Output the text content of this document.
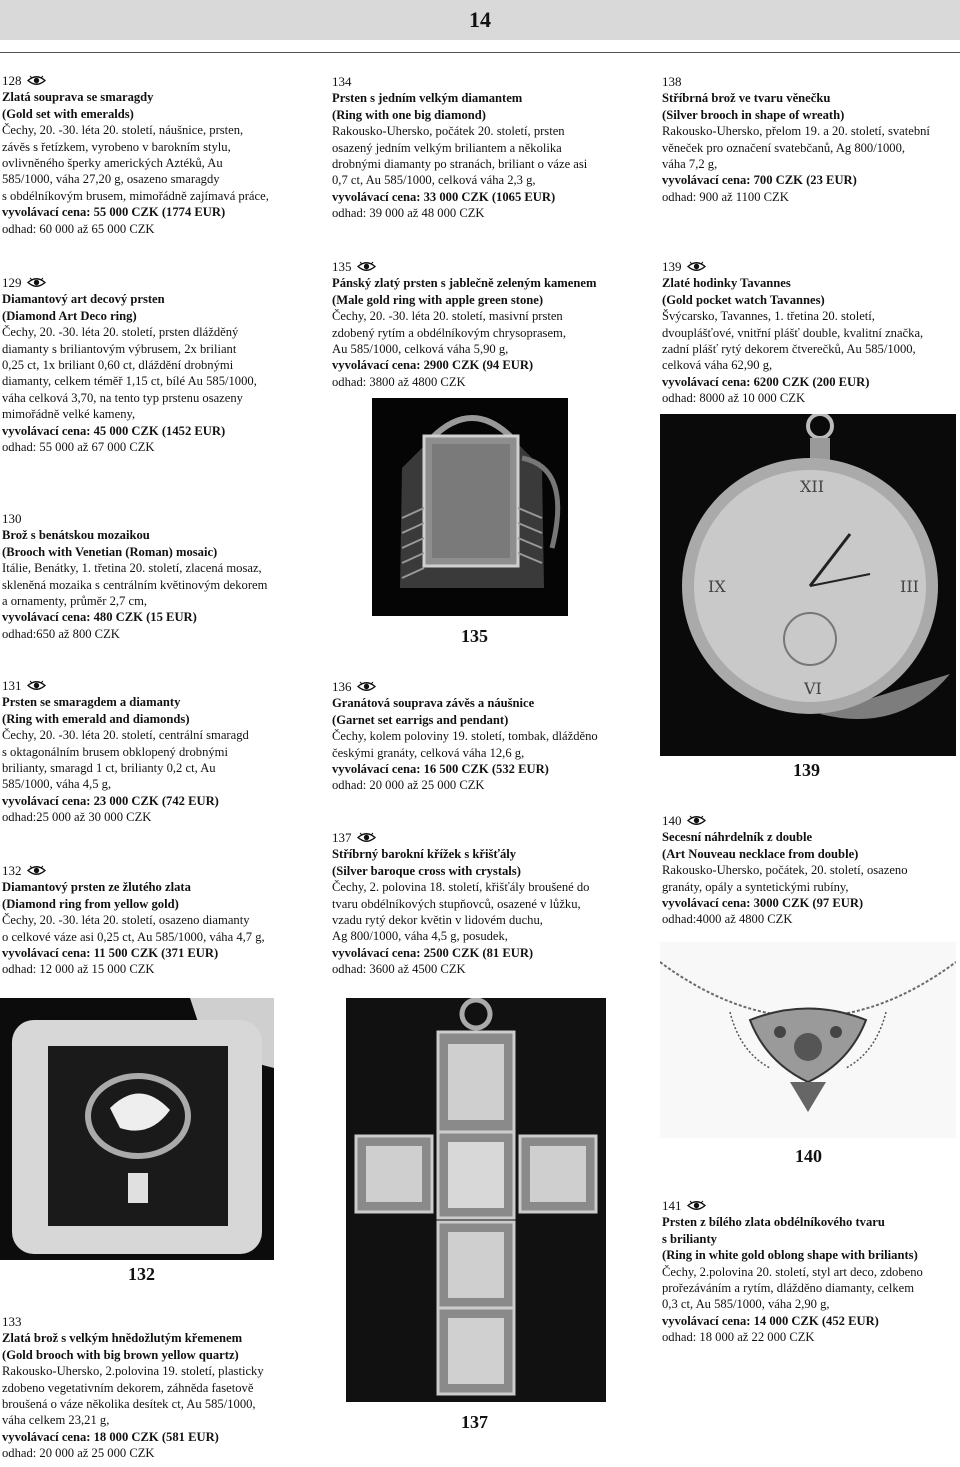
14
128
Zlatá souprava se smaragdy
(Gold set with emeralds)
Čechy, 20. -30. léta 20. století, náušnice, prsten,
závěs s řetízkem, vyrobeno v barokním stylu,
ovlivněného šperky amerických Aztéků, Au
585/1000, váha 27,20 g, osazeno smaragdy
s obdélníkovým brusem, mimořádně zajímavá práce,
vyvolávací cena: 55 000 CZK (1774 EUR)
odhad: 60 000 až 65 000 CZK
129
Diamantový art decový prsten
(Diamond Art Deco ring)
Čechy, 20. -30. léta 20. století, prsten dlážděný
diamanty s briliantovým výbrusem, 2x briliant
0,25 ct, 1x briliant 0,60 ct, dláždění drobnými
diamanty, celkem téměř 1,15 ct, bílé Au 585/1000,
váha celková 3,70, na tento typ prstenu osazeny
mimořádně velké kameny,
vyvolávací cena: 45 000 CZK (1452 EUR)
odhad: 55 000 až 67 000 CZK
130
Brož s benátskou mozaikou
(Brooch with Venetian (Roman) mosaic)
Itálie, Benátky, 1. třetina 20. století, zlacená mosaz,
skleněná mozaika s centrálním květinovým dekorem
a ornamenty, průměr 2,7 cm,
vyvolávací cena: 480 CZK (15 EUR)
odhad:650 až 800 CZK
131
Prsten se smaragdem a diamanty
(Ring with emerald and diamonds)
Čechy, 20. -30. léta 20. století, centrální smaragd
s oktagonálním brusem obklopený drobnými
brilianty, smaragd 1 ct, brilianty 0,2 ct, Au
585/1000, váha 4,5 g,
vyvolávací cena: 23 000 CZK (742 EUR)
odhad:25 000 až 30 000 CZK
132
Diamantový prsten ze žlutého zlata
(Diamond ring from yellow gold)
Čechy, 20. -30. léta 20. století, osazeno diamanty
o celkové váze asi 0,25 ct, Au 585/1000, váha 4,7 g,
vyvolávací cena: 11 500 CZK (371 EUR)
odhad: 12 000 až 15 000 CZK
133
Zlatá brož s velkým hnědožlutým křemenem
(Gold brooch with big brown yellow quartz)
Rakousko-Uhersko, 2.polovina 19. století, plasticky
zdobeno vegetativním dekorem, záhněda fasetově
broušená o váze několika desítek ct, Au 585/1000,
váha celkem 23,21 g,
vyvolávací cena: 18 000 CZK (581 EUR)
odhad: 20 000 až 25 000 CZK
134
Prsten s jedním velkým diamantem
(Ring with one big diamond)
Rakousko-Uhersko, počátek 20. století, prsten
osazený jedním velkým briliantem a několika
drobnými diamanty po stranách, briliant o váze asi
0,7 ct, Au 585/1000, celková váha 2,3 g,
vyvolávací cena: 33 000 CZK (1065 EUR)
odhad: 39 000 až 48 000 CZK
135
Pánský zlatý prsten s jablečně zeleným kamenem
(Male gold ring with apple green stone)
Čechy, 20. -30. léta 20. století, masivní prsten
zdobený rytím a obdélníkovým chrysoprasem,
Au 585/1000, celková váha 5,90 g,
vyvolávací cena: 2900 CZK (94 EUR)
odhad: 3800 až 4800 CZK
136
Granátová souprava závěs a náušnice
(Garnet set earrigs and pendant)
Čechy, kolem poloviny 19. století, tombak, dlážděno
českými granáty, celková váha 12,6 g,
vyvolávací cena: 16 500 CZK (532 EUR)
odhad: 20 000 až 25 000 CZK
137
Stříbrný barokní křížek s křišťály
(Silver baroque cross with crystals)
Čechy, 2. polovina 18. století, křišťály broušené do
tvaru obdélníkových stupňovců, osazené v lůžku,
vzadu rytý dekor květin v lidovém duchu,
Ag 800/1000, váha 4,5 g, posudek,
vyvolávací cena: 2500 CZK (81 EUR)
odhad: 3600 až 4500 CZK
138
Stříbrná brož ve tvaru věnečku
(Silver brooch in shape of wreath)
Rakousko-Uhersko, přelom 19. a 20. století, svatební
věneček pro označení svatebčanů, Ag 800/1000,
váha 7,2 g,
vyvolávací cena: 700 CZK (23 EUR)
odhad: 900 až 1100 CZK
139
Zlaté hodinky Tavannes
(Gold pocket watch Tavannes)
Švýcarsko, Tavannes, 1. třetina 20. století,
dvouplášťové, vnitřní plášť double, kvalitní značka,
zadní plášť rytý dekorem čtverečků, Au 585/1000,
celková váha 62,90 g,
vyvolávací cena: 6200 CZK (200 EUR)
odhad: 8000 až 10 000 CZK
140
Secesní náhrdelník z double
(Art Nouveau necklace from double)
Rakousko-Uhersko, počátek, 20. století, osazeno
granáty, opály a syntetickými rubíny,
vyvolávací cena: 3000 CZK (97 EUR)
odhad:4000 až 4800 CZK
141
Prsten z bílého zlata obdélníkového tvaru
s brilianty
(Ring in white gold oblong shape with briliants)
Čechy, 2.polovina 20. století, styl art deco, zdobeno
prořezáváním a rytím, dlážděno diamanty, celkem
0,3 ct, Au 585/1000, váha 2,90 g,
vyvolávací cena: 14 000 CZK (452 EUR)
odhad: 18 000 až 22 000 CZK
135
XII
III
VI
IX
139
140
132
137
